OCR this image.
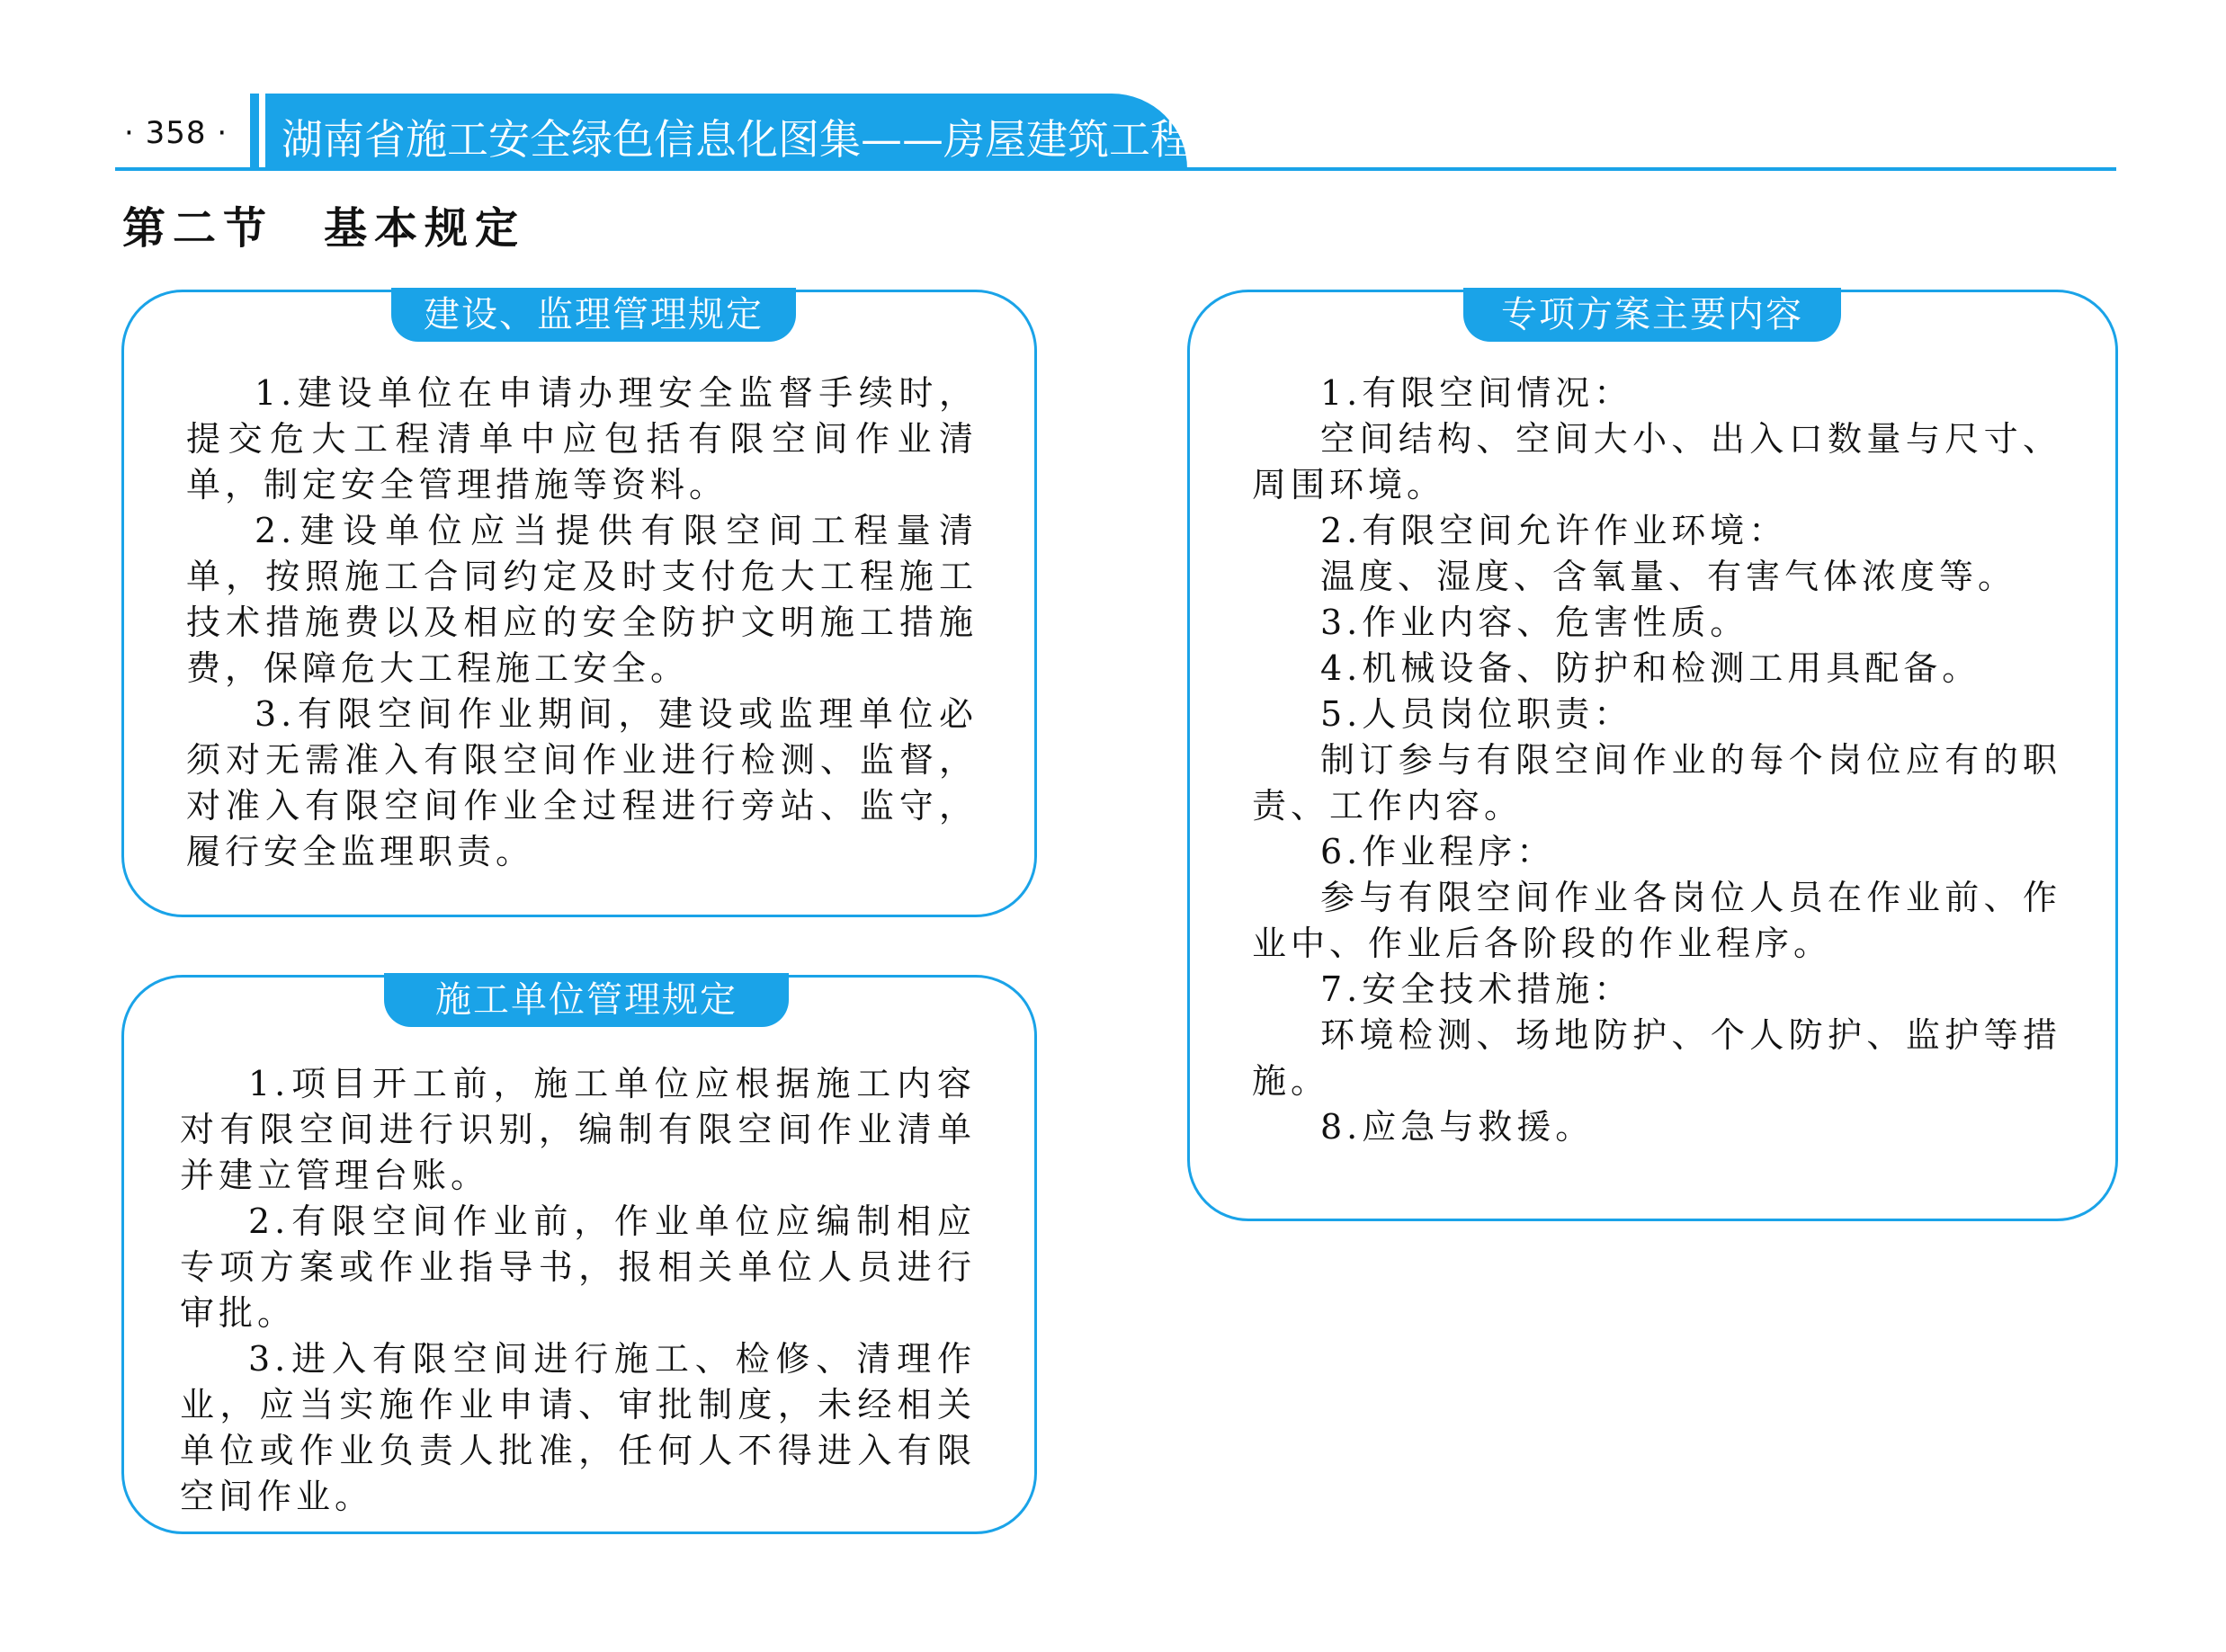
· 358 · 湖南省施工安全绿色信息化图集——房屋建筑工程
第二节　基本规定
建设、监理管理规定

1.建设单位在申请办理安全监督手续时，提交危大工程清单中应包括有限空间作业清单，制定安全管理措施等资料。

2.建设单位应当提供有限空间工程量清单，按照施工合同约定及时支付危大工程施工技术措施费以及相应的安全防护文明施工措施费，保障危大工程施工安全。

3.有限空间作业期间，建设或监理单位必须对无需准入有限空间作业进行检测、监督，对准入有限空间作业全过程进行旁站、监守，履行安全监理职责。

施工单位管理规定

1.项目开工前，施工单位应根据施工内容对有限空间进行识别，编制有限空间作业清单并建立管理台账。

2.有限空间作业前，作业单位应编制相应专项方案或作业指导书，报相关单位人员进行审批。

3.进入有限空间进行施工、检修、清理作业，应当实施作业申请、审批制度，未经相关单位或作业负责人批准，任何人不得进入有限空间作业。

专项方案主要内容

1.有限空间情况：

空间结构、空间大小、出入口数量与尺寸、周围环境。

2.有限空间允许作业环境：

温度、湿度、含氧量、有害气体浓度等。

3.作业内容、危害性质。

4.机械设备、防护和检测工用具配备。

5.人员岗位职责：

制订参与有限空间作业的每个岗位应有的职责、工作内容。

6.作业程序：

参与有限空间作业各岗位人员在作业前、作业中、作业后各阶段的作业程序。

7.安全技术措施：

环境检测、场地防护、个人防护、监护等措施。

8.应急与救援。
